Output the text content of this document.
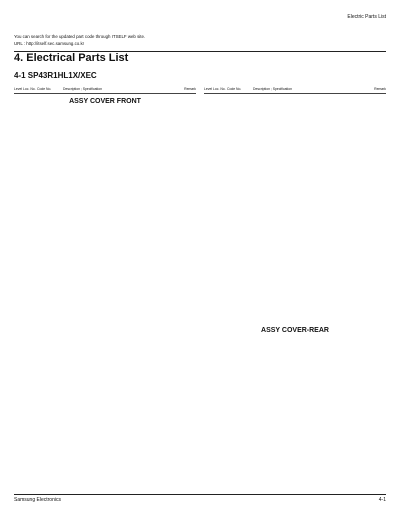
Electric Parts List
You can search for the updated part code through ITSELF web site.
URL : http://itself.sec.samsung.co.kr
4. Electrical Parts List
4-1 SP43R1HL1X/XEC
Level Loc. No. Code No.	Description ; Specification	Remark
ASSY COVER FRONT
Level Loc. No. Code No.	Description ; Specification	Remark
ASSY COVER-REAR
Samsung Electronics	4-1
